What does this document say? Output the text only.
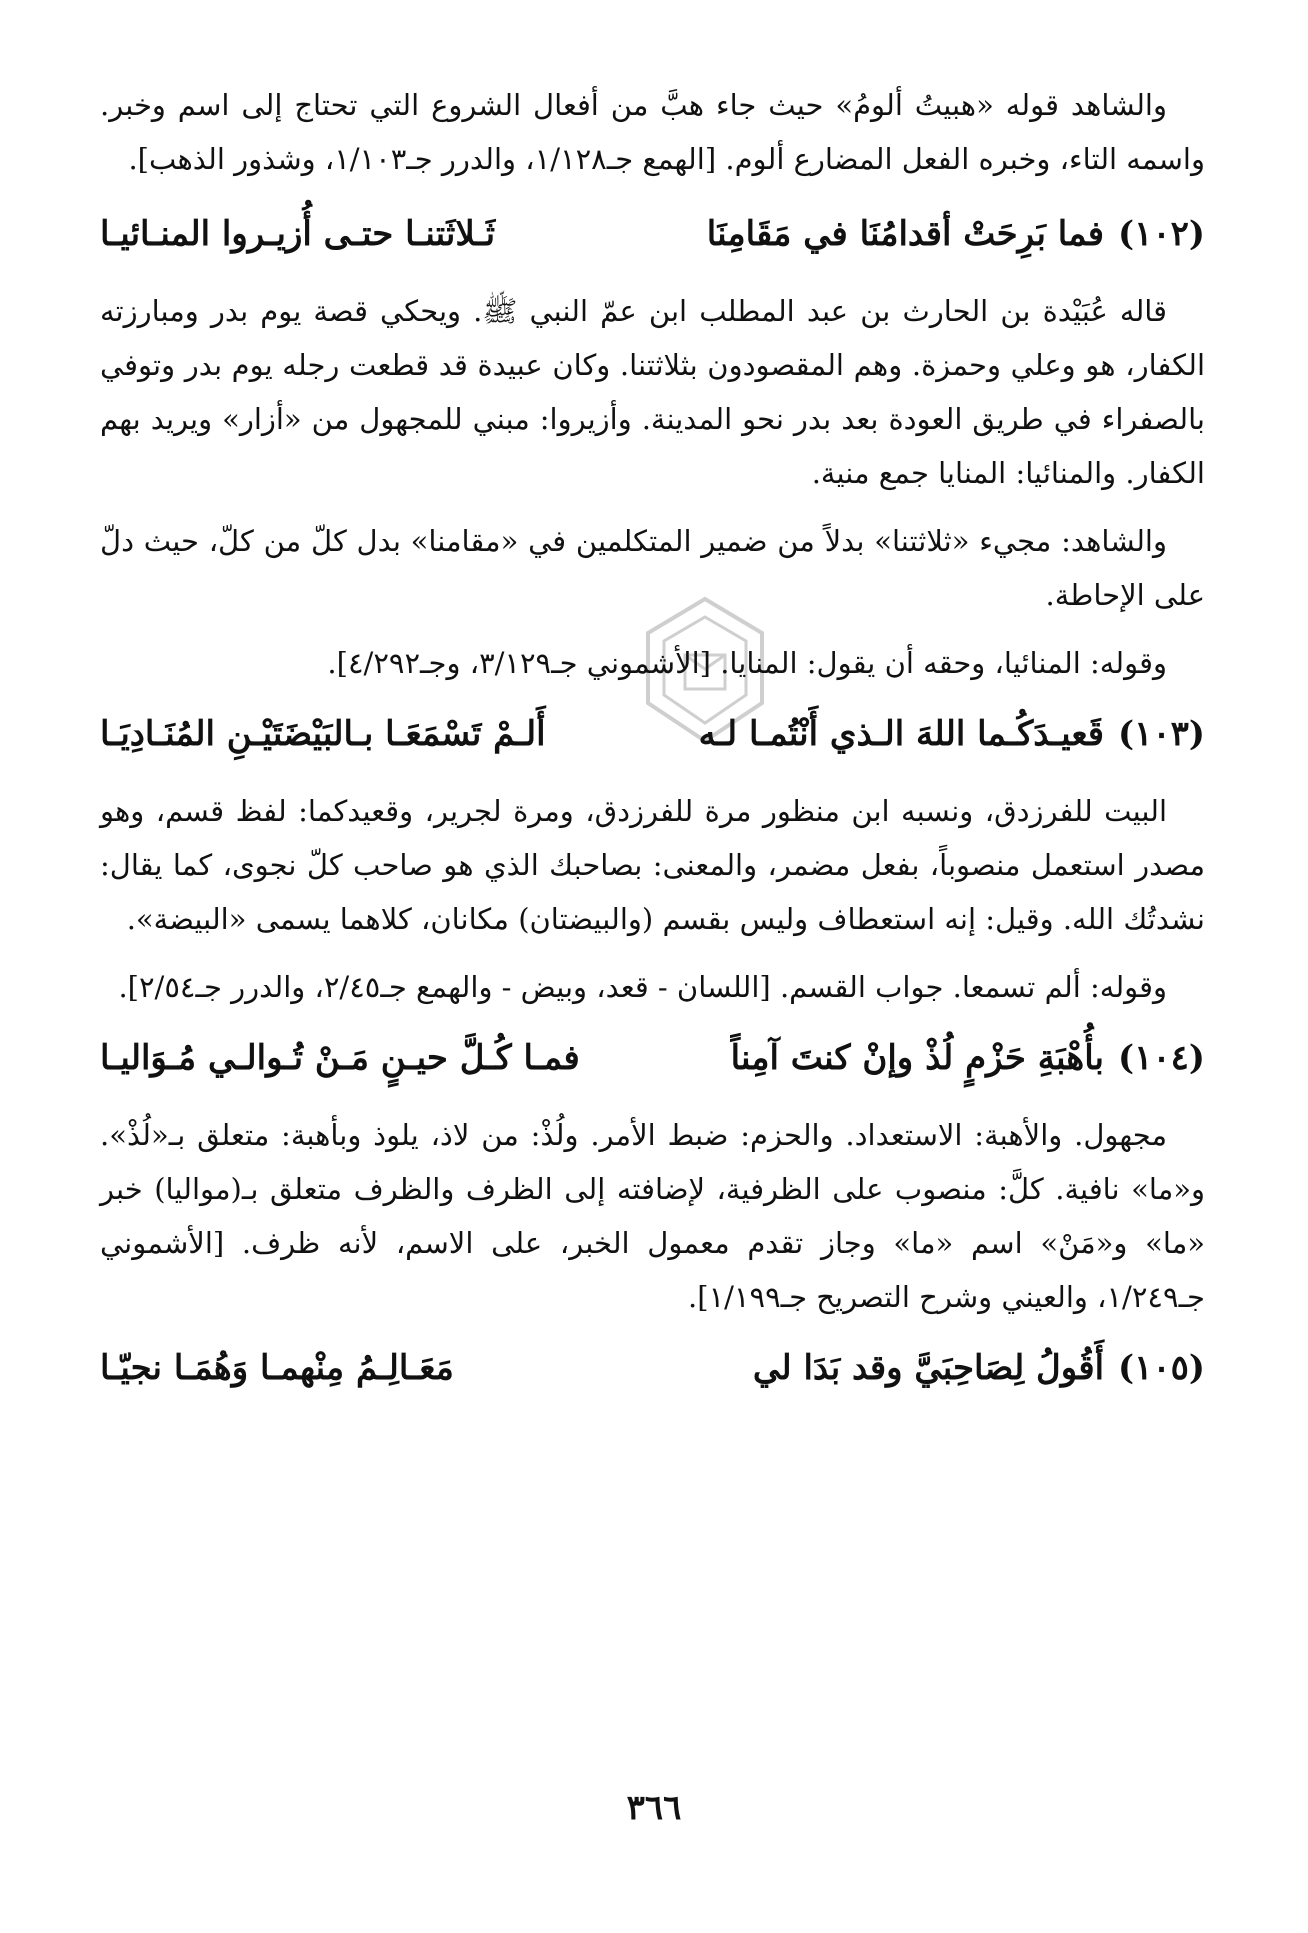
والشاهد قوله «هبيتُ ألومُ» حيث جاء هبَّ من أفعال الشروع التي تحتاج إلى اسم وخبر. واسمه التاء، وخبره الفعل المضارع ألوم. [الهمع جـ١/١٢٨، والدرر جـ١/١٠٣، وشذور الذهب].

(١٠٢)
فما بَرِحَتْ أقدامُنَا في مَقَامِنَا
ثَـلاثَتنـا حتـى أُزيـروا المنـائيـا

قاله عُبَيْدة بن الحارث بن عبد المطلب ابن عمّ النبي ﷺ. ويحكي قصة يوم بدر ومبارزته الكفار، هو وعلي وحمزة. وهم المقصودون بثلاثتنا. وكان عبيدة قد قطعت رجله يوم بدر وتوفي بالصفراء في طريق العودة بعد بدر نحو المدينة. وأزيروا: مبني للمجهول من «أزار» ويريد بهم الكفار. والمنائيا: المنايا جمع منية.

والشاهد: مجيء «ثلاثتنا» بدلاً من ضمير المتكلمين في «مقامنا» بدل كلّ من كلّ، حيث دلّ على الإحاطة.

وقوله: المنائيا، وحقه أن يقول: المنايا. [الأشموني جـ٣/١٢٩، وجـ٤/٢٩٢].

(١٠٣)
قَعيـدَكُـما اللهَ الـذي أَنْتُمـا لـه
أَلـمْ تَسْمَعَـا بـالبَيْضَتَيْـنِ المُنَـادِيَـا

البيت للفرزدق، ونسبه ابن منظور مرة للفرزدق، ومرة لجرير، وقعيدكما: لفظ قسم، وهو مصدر استعمل منصوباً، بفعل مضمر، والمعنى: بصاحبك الذي هو صاحب كلّ نجوى، كما يقال: نشدتُك الله. وقيل: إنه استعطاف وليس بقسم (والبيضتان) مكانان، كلاهما يسمى «البيضة».

وقوله: ألم تسمعا. جواب القسم. [اللسان - قعد، وبيض - والهمع جـ٢/٤٥، والدرر جـ٢/٥٤].

(١٠٤)
بأُهْبَةِ حَزْمٍ لُذْ وإنْ كنتَ آمِناً
فمـا كُـلَّ حيـنٍ مَـنْ تُـوالـي مُـوَاليـا

مجهول. والأهبة: الاستعداد. والحزم: ضبط الأمر. ولُذْ: من لاذ، يلوذ وبأهبة: متعلق بـ«لُذْ». و«ما» نافية. كلَّ: منصوب على الظرفية، لإضافته إلى الظرف والظرف متعلق بـ(مواليا) خبر «ما» و«مَنْ» اسم «ما» وجاز تقدم معمول الخبر، على الاسم، لأنه ظرف. [الأشموني جـ١/٢٤٩، والعيني وشرح التصريح جـ١/١٩٩].

(١٠٥)
أَقُولُ لِصَاحِبَيَّ وقد بَدَا لي
مَعَـالِـمُ مِنْهمـا وَهُمَـا نجيّـا
٣٦٦
